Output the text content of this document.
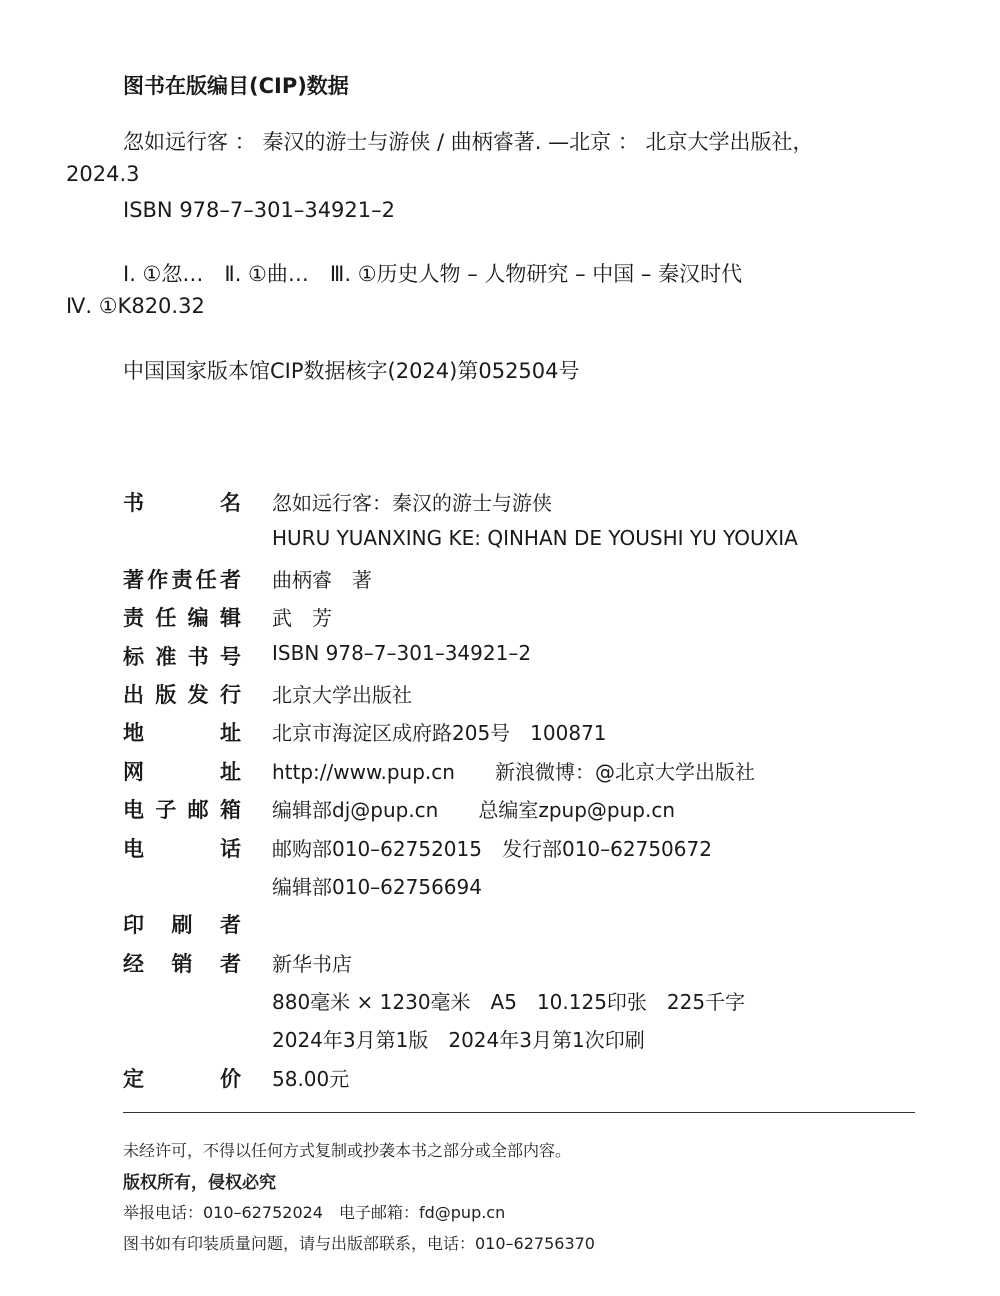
图书在版编目(CIP)数据
忽如远行客 ： 秦汉的游士与游侠 / 曲柄睿著. —北京 ： 北京大学出版社，
2024.3
ISBN 978–7–301–34921–2
Ⅰ. ①忽…　Ⅱ. ①曲…　Ⅲ. ①历史人物 – 人物研究 – 中国 – 秦汉时代
Ⅳ. ①K820.32
中国国家版本馆CIP数据核字(2024)第052504号
书　　名 忽如远行客：秦汉的游士与游侠
HURU YUANXING KE: QINHAN DE YOUSHI YU YOUXIA
著作责任者 曲柄睿　著
责任编辑 武　芳
标准书号 ISBN 978–7–301–34921–2
出版发行 北京大学出版社
地　　址 北京市海淀区成府路205号　100871
网　　址 http://www.pup.cn　　新浪微博：@北京大学出版社
电子邮箱 编辑部dj@pup.cn　　总编室zpup@pup.cn
电　　话 邮购部010–62752015　发行部010–62750672
编辑部010–62756694
印 刷 者
经 销 者 新华书店
880毫米 × 1230毫米　A5　10.125印张　225千字
2024年3月第1版　2024年3月第1次印刷
定　　价 58.00元
未经许可，不得以任何方式复制或抄袭本书之部分或全部内容。
版权所有，侵权必究
举报电话：010–62752024　电子邮箱：fd@pup.cn
图书如有印装质量问题，请与出版部联系，电话：010–62756370
